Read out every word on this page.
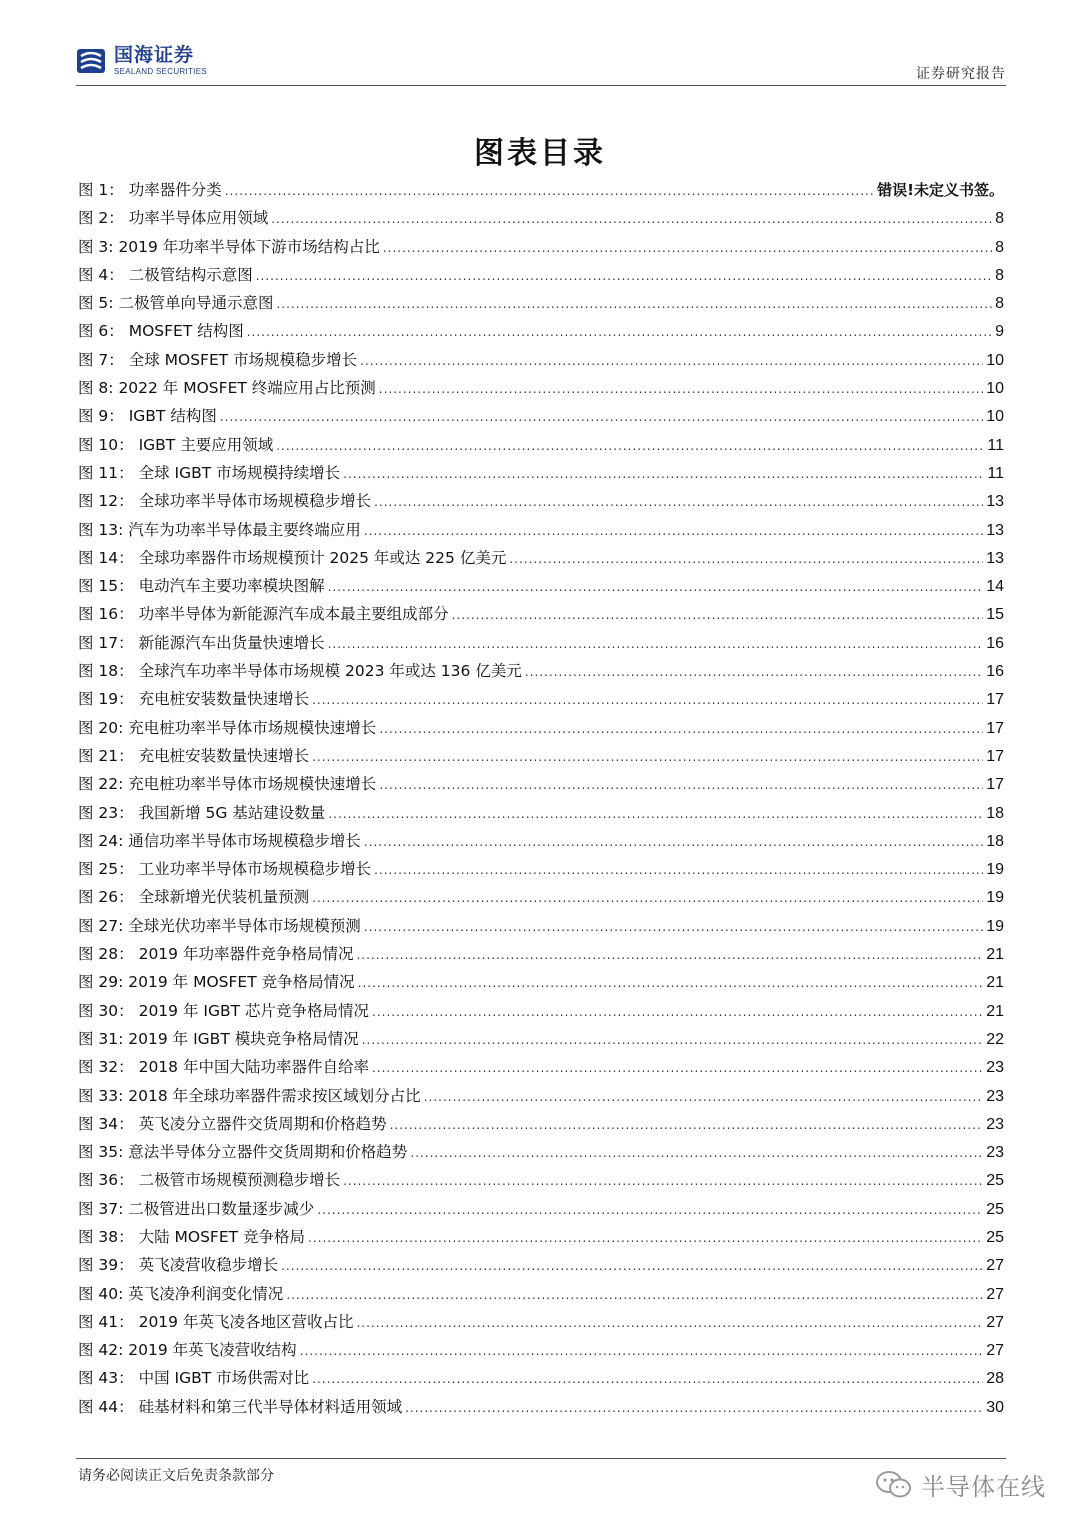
国海证券
SEALAND SECURITIES	证券研究报告
图表目录
图 1： 功率器件分类 .....	错误!未定义书签。
图 2： 功率半导体应用领域 .....	8
图 3: 2019 年功率半导体下游市场结构占比 .....	8
图 4： 二极管结构示意图 .....	8
图 5: 二极管单向导通示意图 .....	8
图 6： MOSFET 结构图 .....	9
图 7： 全球 MOSFET 市场规模稳步增长 .....	10
图 8: 2022 年 MOSFET 终端应用占比预测 .....	10
图 9： IGBT 结构图 .....	10
图 10： IGBT 主要应用领域 .....	11
图 11： 全球 IGBT 市场规模持续增长 .....	11
图 12： 全球功率半导体市场规模稳步增长 .....	13
图 13: 汽车为功率半导体最主要终端应用 .....	13
图 14： 全球功率器件市场规模预计 2025 年或达 225 亿美元 .....	13
图 15： 电动汽车主要功率模块图解 .....	14
图 16： 功率半导体为新能源汽车成本最主要组成部分 .....	15
图 17： 新能源汽车出货量快速增长 .....	16
图 18： 全球汽车功率半导体市场规模 2023 年或达 136 亿美元 .....	16
图 19： 充电桩安装数量快速增长 .....	17
图 20: 充电桩功率半导体市场规模快速增长 .....	17
图 21： 充电桩安装数量快速增长 .....	17
图 22: 充电桩功率半导体市场规模快速增长 .....	17
图 23： 我国新增 5G 基站建设数量 .....	18
图 24: 通信功率半导体市场规模稳步增长 .....	18
图 25： 工业功率半导体市场规模稳步增长 .....	19
图 26： 全球新增光伏装机量预测 .....	19
图 27: 全球光伏功率半导体市场规模预测 .....	19
图 28： 2019 年功率器件竞争格局情况 .....	21
图 29: 2019 年 MOSFET 竞争格局情况 .....	21
图 30： 2019 年 IGBT 芯片竞争格局情况 .....	21
图 31: 2019 年 IGBT 模块竞争格局情况 .....	22
图 32： 2018 年中国大陆功率器件自给率 .....	23
图 33: 2018 年全球功率器件需求按区域划分占比 .....	23
图 34： 英飞凌分立器件交货周期和价格趋势 .....	23
图 35: 意法半导体分立器件交货周期和价格趋势 .....	23
图 36： 二极管市场规模预测稳步增长 .....	25
图 37: 二极管进出口数量逐步减少 .....	25
图 38： 大陆 MOSFET 竞争格局 .....	25
图 39： 英飞凌营收稳步增长 .....	27
图 40: 英飞凌净利润变化情况 .....	27
图 41： 2019 年英飞凌各地区营收占比 .....	27
图 42: 2019 年英飞凌营收结构 .....	27
图 43： 中国 IGBT 市场供需对比 .....	28
图 44： 硅基材料和第三代半导体材料适用领域 .....	30
请务必阅读正文后免责条款部分	半导体在线
